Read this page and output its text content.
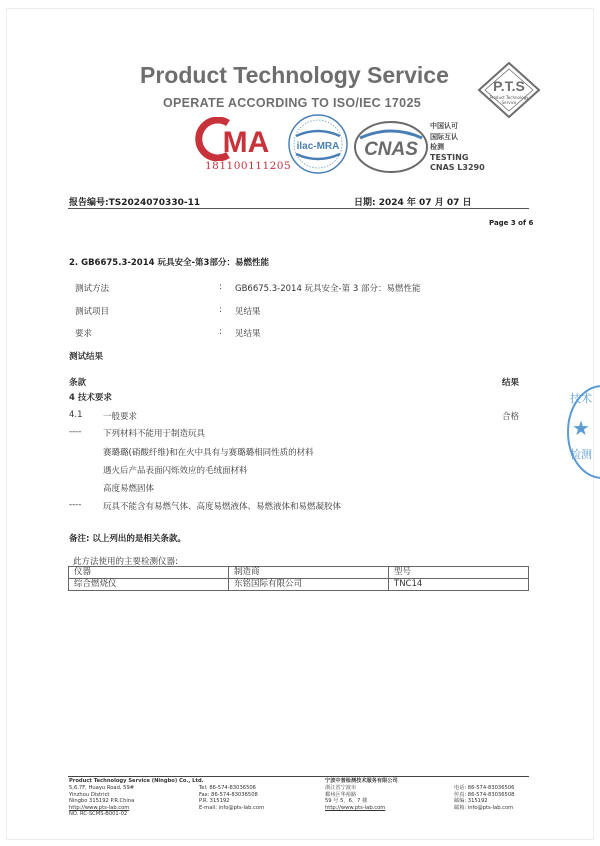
Product Technology Service
OPERATE ACCORDING TO ISO/IEC 17025
P.T.S
Product Technology
Service
MA
181100111205
ilac-MRA CNAS
中国认可
国际互认
检测
TESTING
CNAS L3290
报告编号:TS2024070330-11	日期: 2024 年 07 月 07 日
Page 3 of 6
2. GB6675.3-2014 玩具安全-第3部分：易燃性能
测试方法	: GB6675.3-2014 玩具安全-第 3 部分：易燃性能
测试项目	: 见结果
要求	: 见结果
测试结果
条款	结果
4 技术要求
4.1 一般要求	合格
----	下列材料不能用于制造玩具
赛璐璐(硝酸纤维)和在火中具有与赛璐璐相同性质的材料
遇火后产品表面闪烁效应的毛绒面材料
高度易燃固体
----	玩具不能含有易燃气体、高度易燃液体、易燃液体和易燃凝胶体
备注: 以上列出的是相关条款。
此方法使用的主要检测仪器:
仪器	制造商	型号
综合燃烧仪	东铭国际有限公司	TNC14
技术
★
检测
Product Technology Service (Ningbo) Co., Ltd.
5,6,7F, Huayu Road, 59#
Yinzhou District
Ningbo 315192 P.R.China
http://www.pts-lab.com
NO. RC-SCMS-B001-02
Tel: 86-574-83036506
Fax: 86-574-83036508
P.R. 315192
E-mail: info@pts-lab.com
宁波中普检测技术服务有限公司
浙江省宁波市
鄞州区华裕路
59 号 5、6、7 楼
http://www.pts-lab.com
电话: 86-574-83036506
传真: 86-574-83036508
邮编: 315192
邮箱: info@pts-lab.com
